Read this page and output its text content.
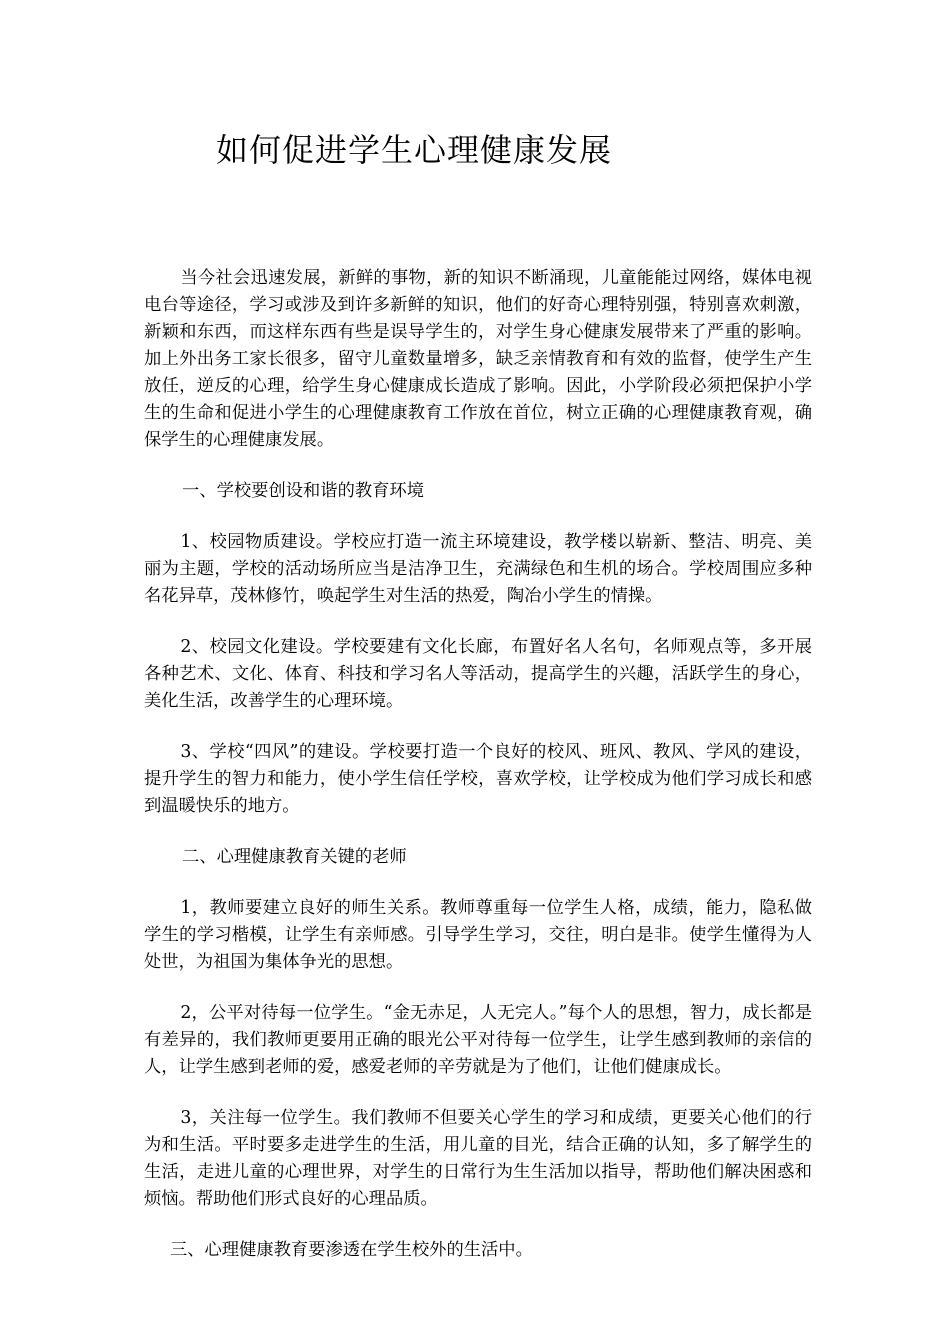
如何促进学生心理健康发展

当今社会迅速发展，新鲜的事物，新的知识不断涌现，儿童能能过网络，媒体电视电台等途径，学习或涉及到许多新鲜的知识，他们的好奇心理特别强，特别喜欢刺激，新颖和东西，而这样东西有些是误导学生的，对学生身心健康发展带来了严重的影响。加上外出务工家长很多，留守儿童数量增多，缺乏亲情教育和有效的监督，使学生产生放任，逆反的心理，给学生身心健康成长造成了影响。因此，小学阶段必须把保护小学生的生命和促进小学生的心理健康教育工作放在首位，树立正确的心理健康教育观，确保学生的心理健康发展。

一、学校要创设和谐的教育环境

1、校园物质建设。学校应打造一流主环境建设，教学楼以崭新、整洁、明亮、美丽为主题，学校的活动场所应当是洁净卫生，充满绿色和生机的场合。学校周围应多种名花异草，茂林修竹，唤起学生对生活的热爱，陶冶小学生的情操。

2、校园文化建设。学校要建有文化长廊，布置好名人名句，名师观点等，多开展各种艺术、文化、体育、科技和学习名人等活动，提高学生的兴趣，活跃学生的身心，美化生活，改善学生的心理环境。

3、学校“四风”的建设。学校要打造一个良好的校风、班风、教风、学风的建设，提升学生的智力和能力，使小学生信任学校，喜欢学校，让学校成为他们学习成长和感到温暖快乐的地方。

二、心理健康教育关键的老师

1，教师要建立良好的师生关系。教师尊重每一位学生人格，成绩，能力，隐私做学生的学习楷模，让学生有亲师感。引导学生学习，交往，明白是非。使学生懂得为人处世，为祖国为集体争光的思想。

2，公平对待每一位学生。“金无赤足，人无完人。”每个人的思想，智力，成长都是有差异的，我们教师更要用正确的眼光公平对待每一位学生，让学生感到教师的亲信的人，让学生感到老师的爱，感爱老师的辛劳就是为了他们，让他们健康成长。

3，关注每一位学生。我们教师不但要关心学生的学习和成绩，更要关心他们的行为和生活。平时要多走进学生的生活，用儿童的目光，结合正确的认知，多了解学生的生活，走进儿童的心理世界，对学生的日常行为生生活加以指导，帮助他们解决困惑和烦恼。帮助他们形式良好的心理品质。

三、心理健康教育要渗透在学生校外的生活中。
